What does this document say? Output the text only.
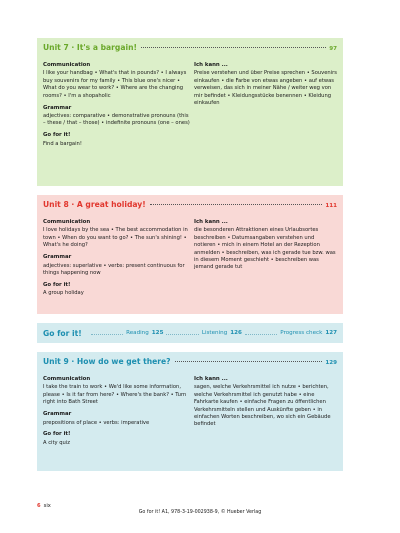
Unit 7 · It's a bargain!	97
Communication
I like your handbag • What's that in pounds? • I always buy souvenirs for my family • This blue one's nicer • What do you wear to work? • Where are the changing rooms? • I'm a shopaholic
Grammar
adjectives: comparative • demonstrative pronouns (this – these / that – those) • indefinite pronouns (one – ones)
Go for it!
Find a bargain!
Ich kann ...
Preise verstehen und über Preise sprechen • Souvenirs einkaufen • die Farbe von etwas angeben • auf etwas verweisen, das sich in meiner Nähe / weiter weg von mir befindet • Kleidungsstücke benennen • Kleidung einkaufen
Unit 8 · A great holiday!	111
Communication
I love holidays by the sea • The best accommodation in town • When do you want to go? • The sun's shining! • What's he doing?
Grammar
adjectives: superlative • verbs: present continuous for things happening now
Go for it!
A group holiday
Ich kann ...
die besonderen Attraktionen eines Urlaubsortes beschreiben • Datumsangaben verstehen und notieren • mich in einem Hotel an der Rezeption anmelden • beschreiben, was ich gerade tue bzw. was in diesem Moment geschieht • beschreiben was jemand gerade tut
Go for it!	Reading 125	Listening 126	Progress check 127
Unit 9 · How do we get there?	129
Communication
I take the train to work • We'd like some information, please • Is it far from here? • Where's the bank? • Turn right into Bath Street
Grammar
prepositions of place • verbs: imperative
Go for it!
A city quiz
Ich kann ...
sagen, welche Verkehrsmittel ich nutze • berichten, welche Verkehrsmittel ich genutzt habe • eine Fahrkarte kaufen • einfache Fragen zu öffentlichen Verkehrsmitteln stellen und Auskünfte geben • in einfachen Worten beschreiben, wo sich ein Gebäude befindet
6 six
Go for it! A1, 978-3-19-002938-9, © Hueber Verlag
